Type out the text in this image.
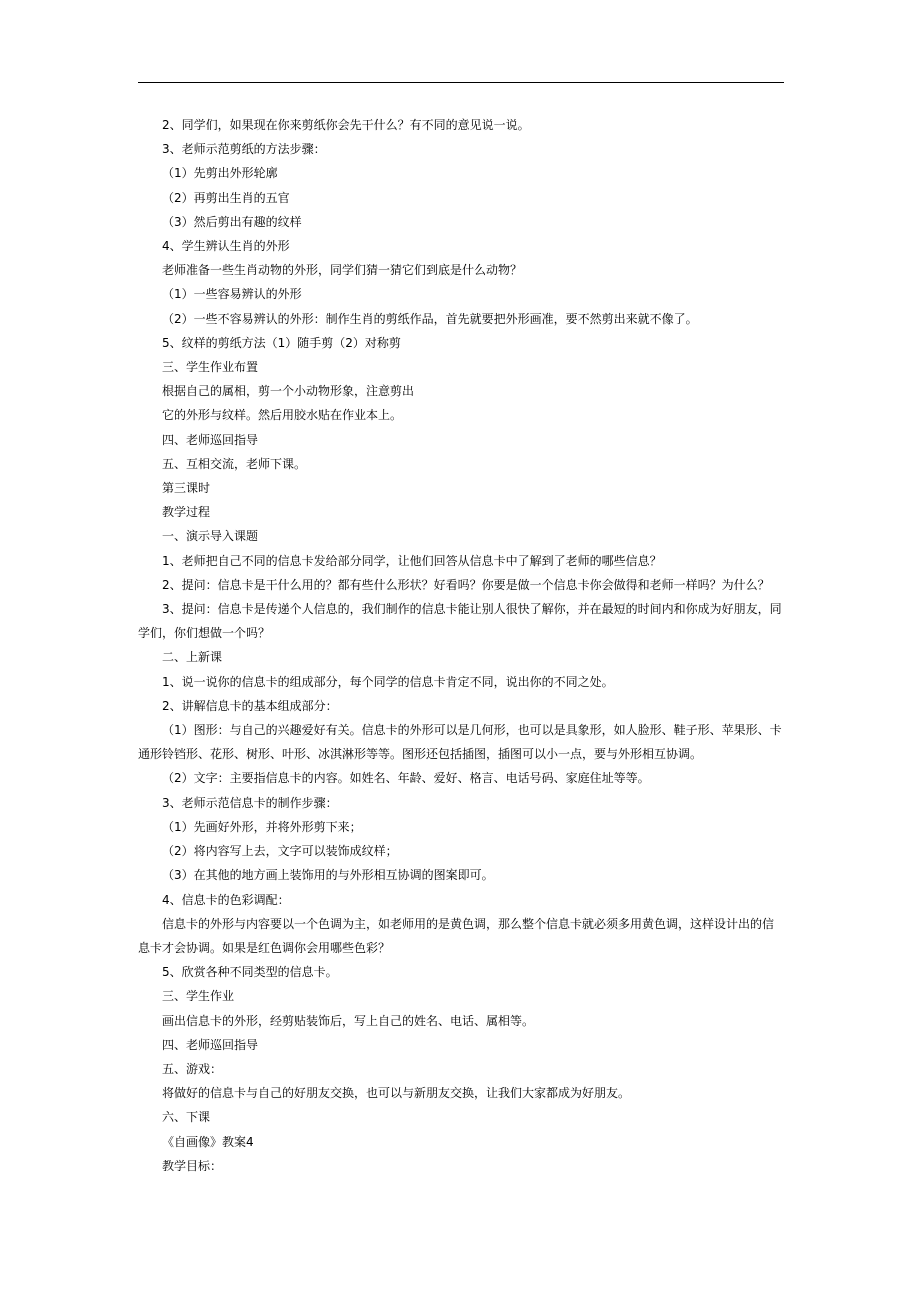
2、同学们，如果现在你来剪纸你会先干什么？有不同的意见说一说。

3、老师示范剪纸的方法步骤：

（1）先剪出外形轮廓

（2）再剪出生肖的五官

（3）然后剪出有趣的纹样

4、学生辨认生肖的外形

老师准备一些生肖动物的外形，同学们猜一猜它们到底是什么动物？

（1）一些容易辨认的外形

（2）一些不容易辨认的外形：制作生肖的剪纸作品，首先就要把外形画准，要不然剪出来就不像了。

5、纹样的剪纸方法（1）随手剪（2）对称剪

三、学生作业布置

根据自己的属相，剪一个小动物形象，注意剪出

它的外形与纹样。然后用胶水贴在作业本上。

四、老师巡回指导

五、互相交流，老师下课。

第三课时

教学过程

一、演示导入课题

1、老师把自己不同的信息卡发给部分同学，让他们回答从信息卡中了解到了老师的哪些信息？

2、提问：信息卡是干什么用的？都有些什么形状？好看吗？你要是做一个信息卡你会做得和老师一样吗？为什么？

3、提问：信息卡是传递个人信息的，我们制作的信息卡能让别人很快了解你，并在最短的时间内和你成为好朋友，同学们，你们想做一个吗？

二、上新课

1、说一说你的信息卡的组成部分，每个同学的信息卡肯定不同，说出你的不同之处。

2、讲解信息卡的基本组成部分：

（1）图形：与自己的兴趣爱好有关。信息卡的外形可以是几何形，也可以是具象形，如人脸形、鞋子形、苹果形、卡通形铃铛形、花形、树形、叶形、冰淇淋形等等。图形还包括插图，插图可以小一点，要与外形相互协调。

（2）文字：主要指信息卡的内容。如姓名、年龄、爱好、格言、电话号码、家庭住址等等。

3、老师示范信息卡的制作步骤：

（1）先画好外形，并将外形剪下来；

（2）将内容写上去，文字可以装饰成纹样；

（3）在其他的地方画上装饰用的与外形相互协调的图案即可。

4、信息卡的色彩调配：

信息卡的外形与内容要以一个色调为主，如老师用的是黄色调，那么整个信息卡就必须多用黄色调，这样设计出的信息卡才会协调。如果是红色调你会用哪些色彩？

5、欣赏各种不同类型的信息卡。

三、学生作业

画出信息卡的外形，经剪贴装饰后，写上自己的姓名、电话、属相等。

四、老师巡回指导

五、游戏：

将做好的信息卡与自己的好朋友交换，也可以与新朋友交换，让我们大家都成为好朋友。

六、下课

《自画像》教案4

教学目标：
